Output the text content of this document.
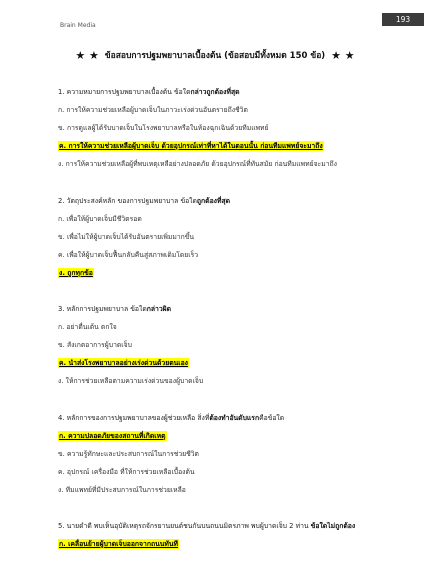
Brain Media
193
★ ★ ข้อสอบการปฐมพยาบาลเบื้องต้น (ข้อสอบมีทั้งหมด 150 ข้อ) ★ ★

1. ความหมายการปฐมพยาบาลเบื้องต้น ข้อใดกล่าวถูกต้องที่สุด

ก. การให้ความช่วยเหลือผู้บาดเจ็บในภาวะเร่งด่วนอันตรายถึงชีวิต

ข. การดูแลผู้ได้รับบาดเจ็บในโรงพยาบาลหรือในห้องฉุกเฉินด้วยทีมแพทย์

ค. การให้ความช่วยเหลือผู้บาดเจ็บ ด้วยอุปกรณ์เท่าที่หาได้ในตอนนั้น ก่อนทีมแพทย์จะมาถึง

ง. การให้ความช่วยเหลือผู้ที่พบเหตุเหลือย่างปลอดภัย ด้วยอุปกรณ์ที่ทันสมัย ก่อนทีมแพทย์จะมาถึง

2. วัตถุประสงค์หลัก ของการปฐมพยาบาล ข้อใดถูกต้องที่สุด

ก. เพื่อให้ผู้บาดเจ็บมีชีวิตรอด

ข. เพื่อไม่ให้ผู้บาดเจ็บได้รับอันตรายเพิ่มมากขึ้น

ค. เพื่อให้ผู้บาดเจ็บฟื้นกลับคืนสู่สภาพเดิมโดยเร็ว

ง. ถูกทุกข้อ

3. หลักการปฐมพยาบาล ข้อใดกล่าวผิด

ก. อย่าตื่นเต้น ตกใจ

ข. สังเกตอาการผู้บาดเจ็บ

ค. นำส่งโรงพยาบาลอย่างเร่งด่วนด้วยตนเอง

ง. ให้การช่วยเหลือตามความเร่งด่วนของผู้บาดเจ็บ

4. หลักการของการปฐมพยาบาลของผู้ช่วยเหลือ สิ่งที่ต้องทำอันดับแรกคือข้อใด

ก. ความปลอดภัยของสถานที่เกิดเหตุ

ข. ความรู้ทักษะและประสบการณ์ในการช่วยชีวิต

ค. อุปกรณ์ เครื่องมือ ที่ให้การช่วยเหลือเบื้องต้น

ง. ทีมแพทย์ที่มีประสบการณ์ในการช่วยเหลือ

5. นายดำดี พบเห็นอุบัติเหตุรถจักรยานยนต์ชนกันบนถนนมิตรภาพ พบผู้บาดเจ็บ 2 ท่าน ข้อใดไม่ถูกต้อง

ก. เคลื่อนย้ายผู้บาดเจ็บออกจากถนนทันที
